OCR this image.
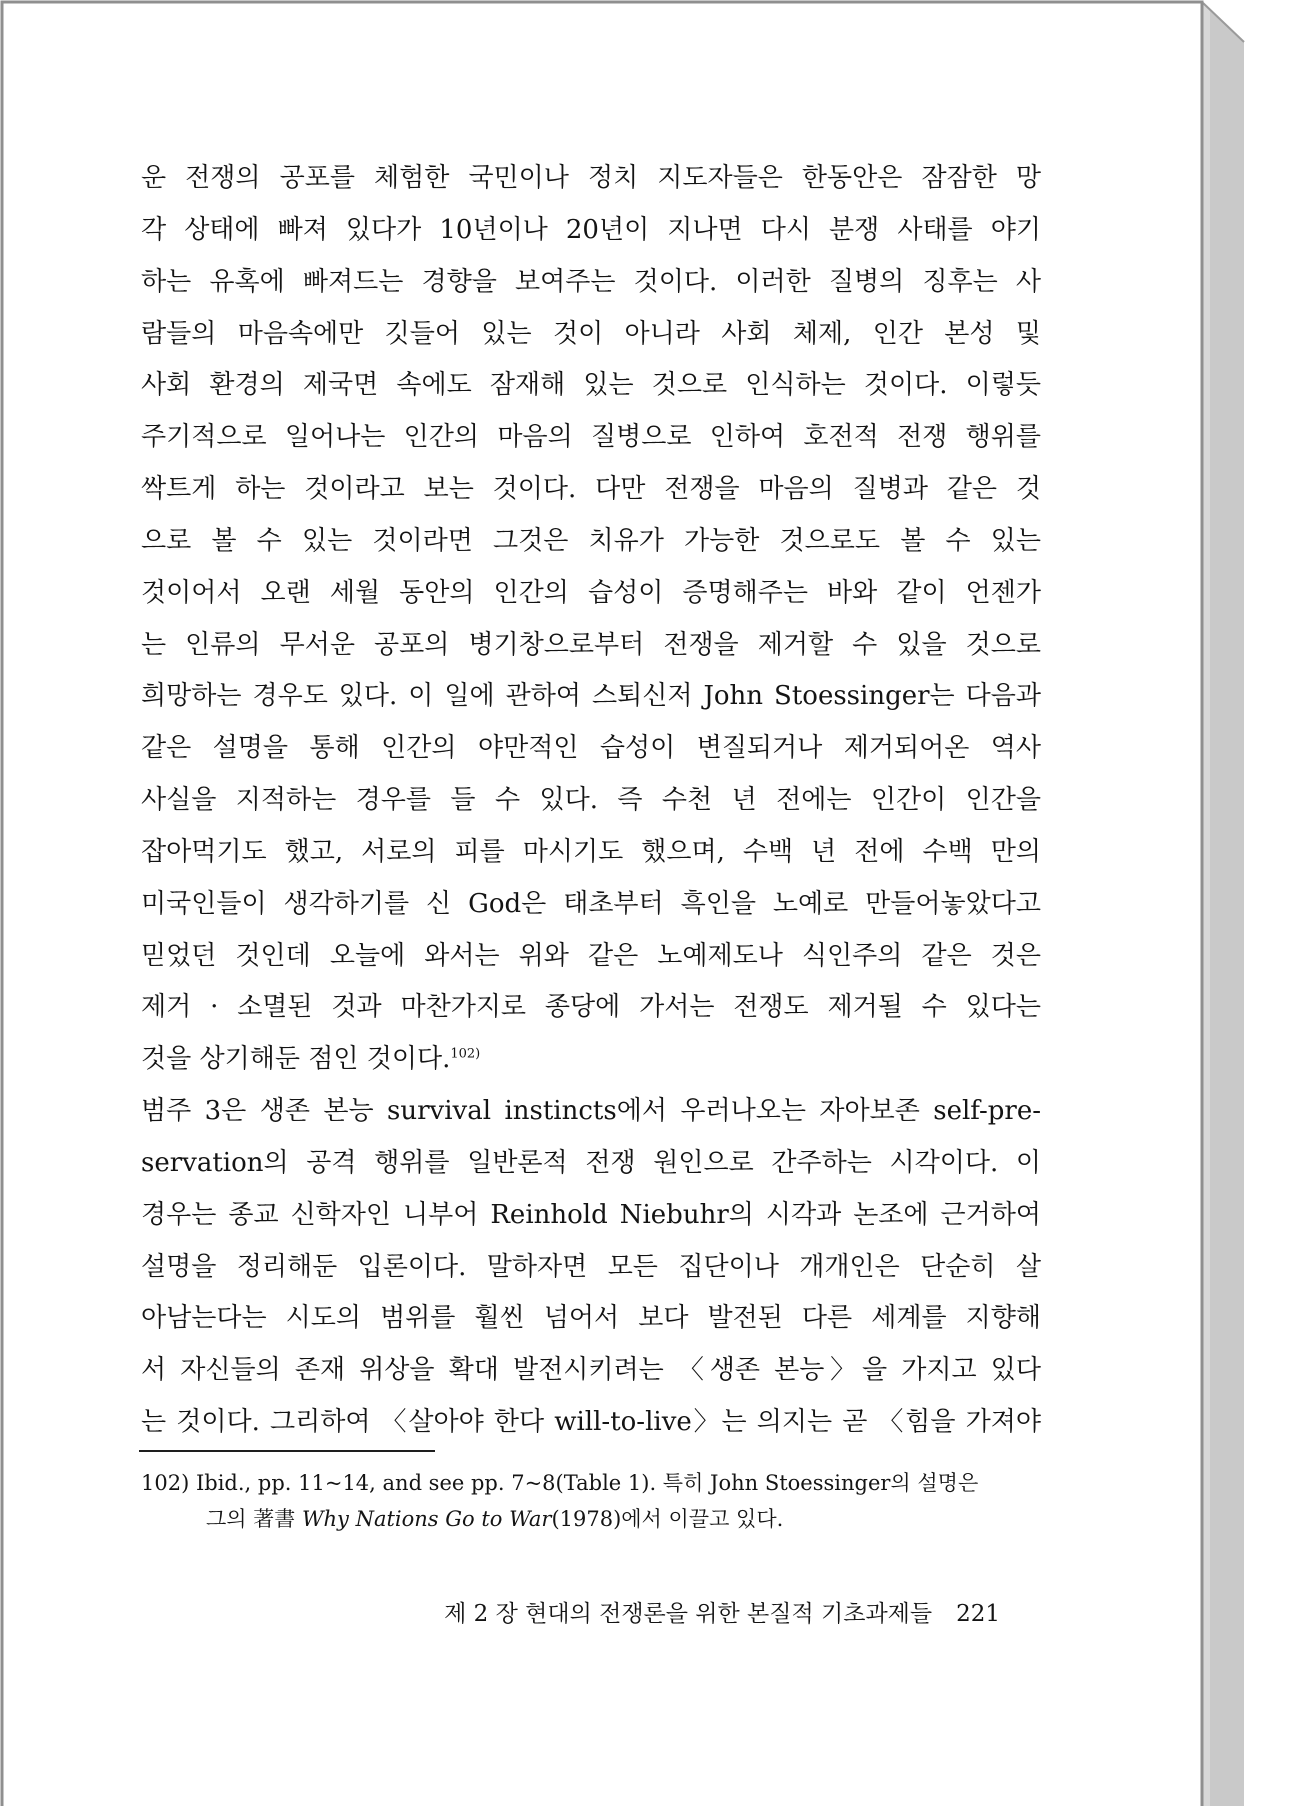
운 전쟁의 공포를 체험한 국민이나 정치 지도자들은 한동안은 잠잠한 망
각 상태에 빠져 있다가 10년이나 20년이 지나면 다시 분쟁 사태를 야기
하는 유혹에 빠져드는 경향을 보여주는 것이다. 이러한 질병의 징후는 사
람들의 마음속에만 깃들어 있는 것이 아니라 사회 체제, 인간 본성 및
사회 환경의 제국면 속에도 잠재해 있는 것으로 인식하는 것이다. 이렇듯
주기적으로 일어나는 인간의 마음의 질병으로 인하여 호전적 전쟁 행위를
싹트게 하는 것이라고 보는 것이다. 다만 전쟁을 마음의 질병과 같은 것
으로 볼 수 있는 것이라면 그것은 치유가 가능한 것으로도 볼 수 있는
것이어서 오랜 세월 동안의 인간의 습성이 증명해주는 바와 같이 언젠가
는 인류의 무서운 공포의 병기창으로부터 전쟁을 제거할 수 있을 것으로
희망하는 경우도 있다. 이 일에 관하여 스퇴신저 John Stoessinger는 다음과
같은 설명을 통해 인간의 야만적인 습성이 변질되거나 제거되어온 역사
사실을 지적하는 경우를 들 수 있다. 즉 수천 년 전에는 인간이 인간을
잡아먹기도 했고, 서로의 피를 마시기도 했으며, 수백 년 전에 수백 만의
미국인들이 생각하기를 신 God은 태초부터 흑인을 노예로 만들어놓았다고
믿었던 것인데 오늘에 와서는 위와 같은 노예제도나 식인주의 같은 것은
제거 · 소멸된 것과 마찬가지로 종당에 가서는 전쟁도 제거될 수 있다는
것을 상기해둔 점인 것이다.$^{102)}$
범주 3은 생존 본능 survival instincts에서 우러나오는 자아보존 self-pre-
servation의 공격 행위를 일반론적 전쟁 원인으로 간주하는 시각이다. 이
경우는 종교 신학자인 니부어 Reinhold Niebuhr의 시각과 논조에 근거하여
설명을 정리해둔 입론이다. 말하자면 모든 집단이나 개개인은 단순히 살
아남는다는 시도의 범위를 훨씬 넘어서 보다 발전된 다른 세계를 지향해
서 자신들의 존재 위상을 확대 발전시키려는 〈생존 본능〉을 가지고 있다
는 것이다. 그리하여 〈살아야 한다 will-to-live〉는 의지는 곧 〈힘을 가져야
102) Ibid., pp. 11~14, and see pp. 7~8(Table 1). 특히 John Stoessinger의 설명은
그의 著書 Why Nations Go to War(1978)에서 이끌고 있다.
제 2 장 현대의 전쟁론을 위한 본질적 기초과제들 221
